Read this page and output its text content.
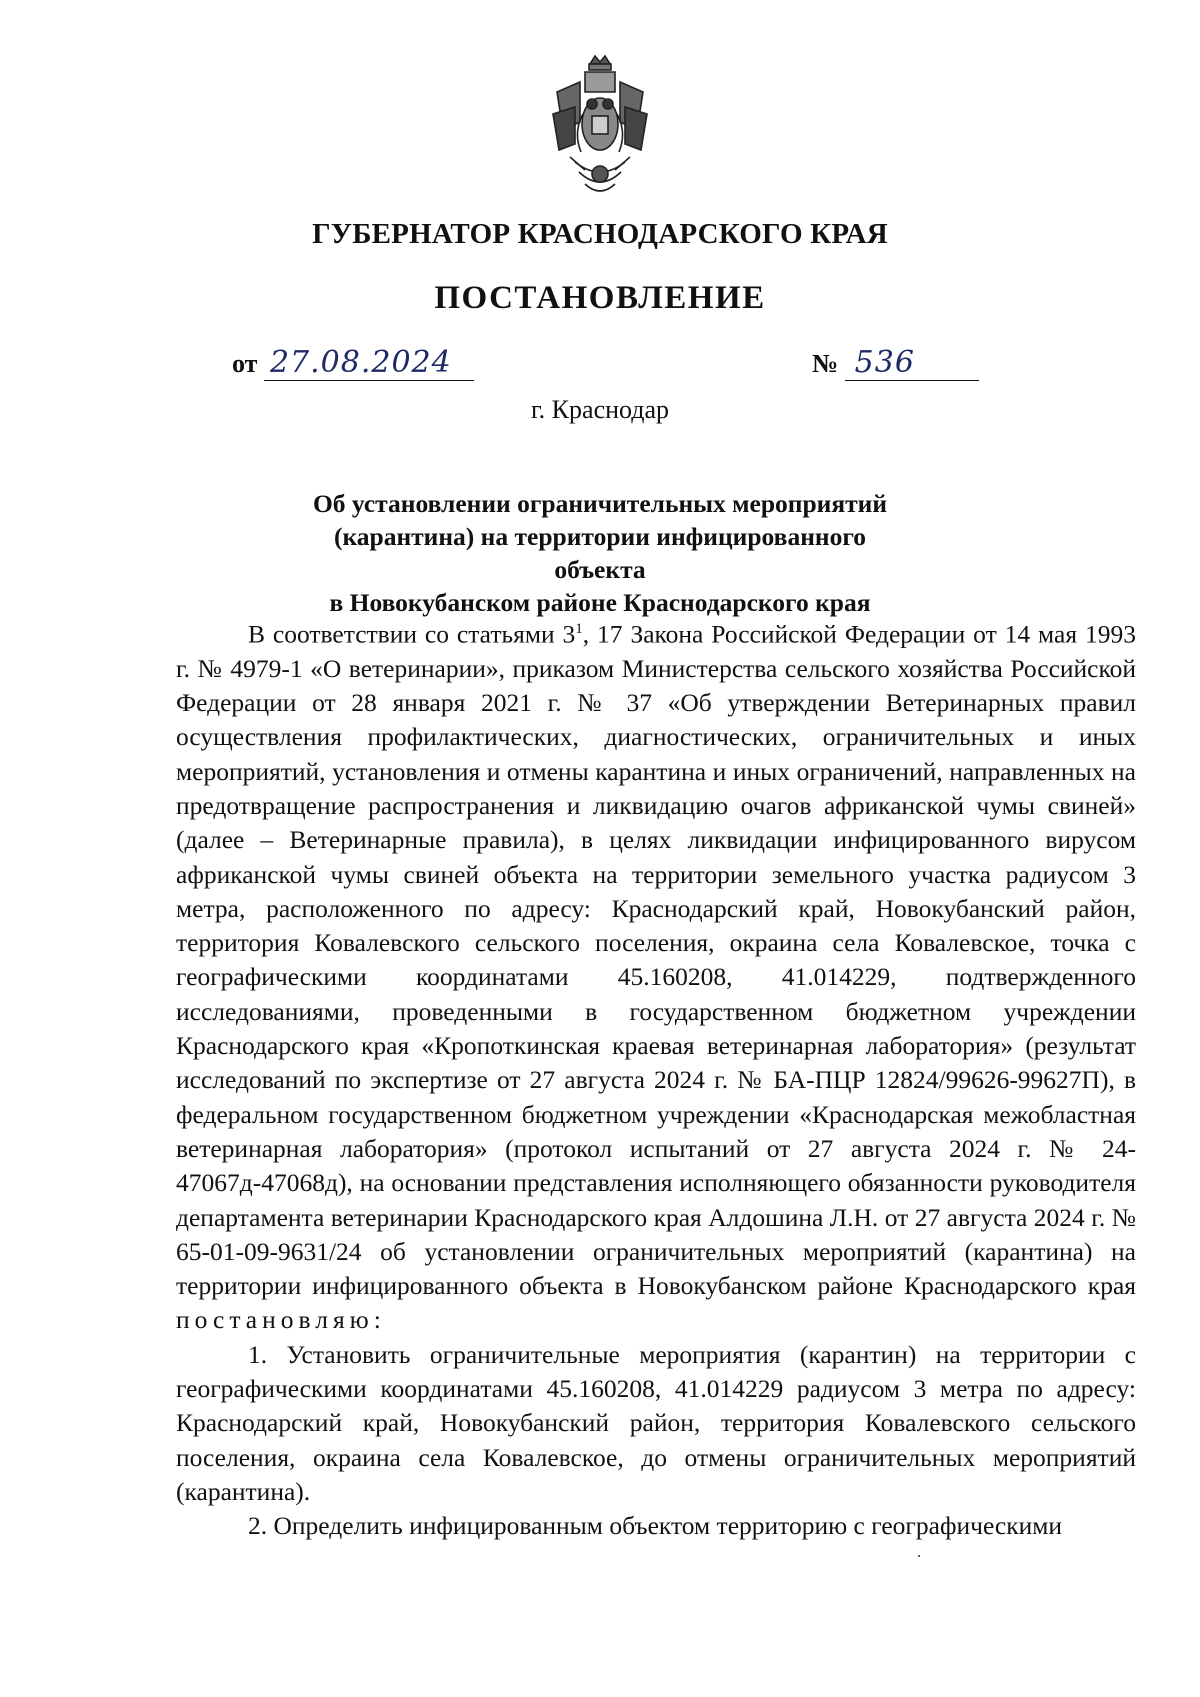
ГУБЕРНАТОР КРАСНОДАРСКОГО КРАЯ
ПОСТАНОВЛЕНИЕ
от 27.08.2024	№ 536
г. Краснодар
Об установлении ограничительных мероприятий
(карантина) на территории инфицированного объекта
в Новокубанском районе Краснодарского края

В соответствии со статьями $3^1$, 17 Закона Российской Федерации от 14 мая 1993 г. № 4979-1 «О ветеринарии», приказом Министерства сельского хозяйства Российской Федерации от 28 января 2021 г. № 37 «Об утверждении Ветеринарных правил осуществления профилактических, диагностических, ограничительных и иных мероприятий, установления и отмены карантина и иных ограничений, направленных на предотвращение распространения и ликвидацию очагов африканской чумы свиней» (далее – Ветеринарные правила), в целях ликвидации инфицированного вирусом африканской чумы свиней объекта на территории земельного участка радиусом 3 метра, расположенного по адресу: Краснодарский край, Новокубанский район, территория Ковалевского сельского поселения, окраина села Ковалевское, точка с географическими координатами 45.160208, 41.014229, подтвержденного исследованиями, проведенными в государственном бюджетном учреждении Краснодарского края «Кропоткинская краевая ветеринарная лаборатория» (результат исследований по экспертизе от 27 августа 2024 г. № БА-ПЦР 12824/99626-99627П), в федеральном государственном бюджетном учреждении «Краснодарская межобластная ветеринарная лаборатория» (протокол испытаний от 27 августа 2024 г. № 24-47067д-47068д), на основании представления исполняющего обязанности руководителя департамента ветеринарии Краснодарского края Алдошина Л.Н. от 27 августа 2024 г. № 65-01-09-9631/24 об установлении ограничительных мероприятий (карантина) на территории инфицированного объекта в Новокубанском районе Краснодарского края постановляю:

1. Установить ограничительные мероприятия (карантин) на территории с географическими координатами 45.160208, 41.014229 радиусом 3 метра по адресу: Краснодарский край, Новокубанский район, территория Ковалевского сельского поселения, окраина села Ковалевское, до отмены ограничительных мероприятий (карантина).

2. Определить инфицированным объектом территорию с географическими
